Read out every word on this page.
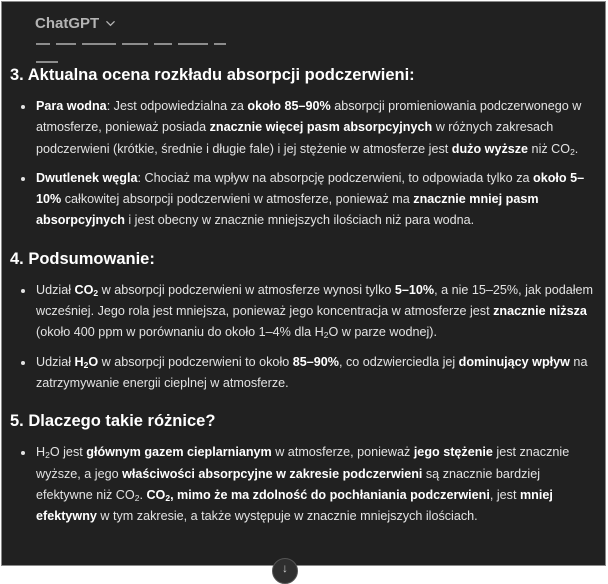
ChatGPT
3. Aktualna ocena rozkładu absorpcji podczerwieni:
Para wodna: Jest odpowiedzialna za około 85–90% absorpcji promieniowania podczerwonego w atmosferze, ponieważ posiada znacznie więcej pasm absorpcyjnych w różnych zakresach podczerwieni (krótkie, średnie i długie fale) i jej stężenie w atmosferze jest dużo wyższe niż $CO_2$.
Dwutlenek węgla: Chociaż ma wpływ na absorpcję podczerwieni, to odpowiada tylko za około 5–10% całkowitej absorpcji podczerwieni w atmosferze, ponieważ ma znacznie mniej pasm absorpcyjnych i jest obecny w znacznie mniejszych ilościach niż para wodna.
4. Podsumowanie:
Udział $CO_2$ w absorpcji podczerwieni w atmosferze wynosi tylko 5–10%, a nie 15–25%, jak podałem wcześniej. Jego rola jest mniejsza, ponieważ jego koncentracja w atmosferze jest znacznie niższa (około 400 ppm w porównaniu do około 1–4% dla $H_2O$ w parze wodnej).
Udział $H_2O$ w absorpcji podczerwieni to około 85–90%, co odzwierciedla jej dominujący wpływ na zatrzymywanie energii cieplnej w atmosferze.
5. Dlaczego takie różnice?
$H_2O$ jest głównym gazem cieplarnianym w atmosferze, ponieważ jego stężenie jest znacznie wyższe, a jego właściwości absorpcyjne w zakresie podczerwieni są znacznie bardziej efektywne niż $CO_2$. $CO_2$, mimo że ma zdolność do pochłaniania podczerwieni, jest mniej efektywny w tym zakresie, a także występuje w znacznie mniejszych ilościach.
↓
